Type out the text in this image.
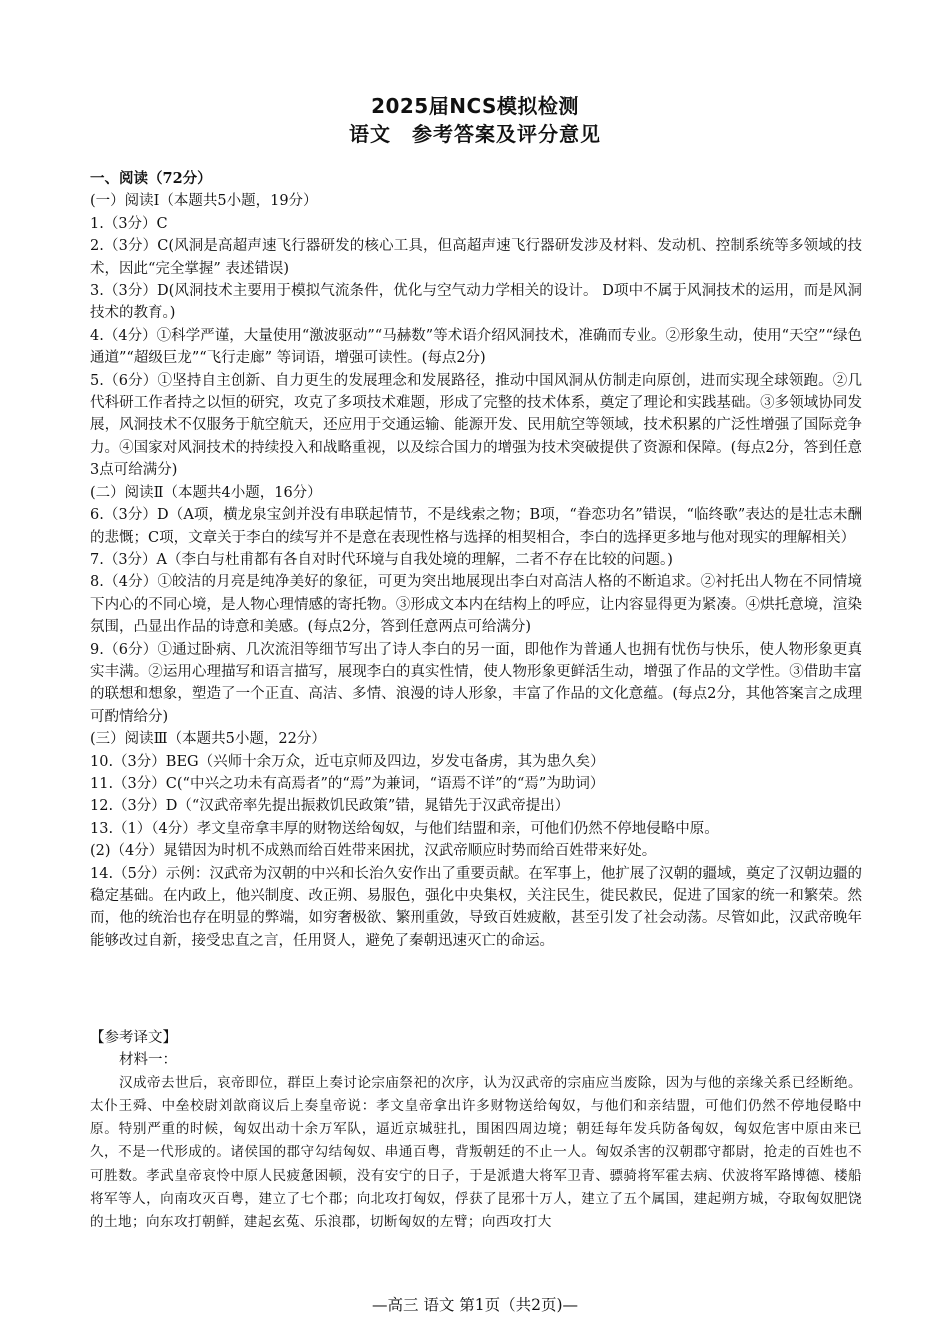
2025届NCS模拟检测
语文　参考答案及评分意见

一、阅读（72分）

(一）阅读Ⅰ（本题共5小题，19分）

1.（3分）C

2.（3分）C(风洞是高超声速飞行器研发的核心工具，但高超声速飞行器研发涉及材料、发动机、控制系统等多领域的技术，因此“完全掌握” 表述错误)

3.（3分）D(风洞技术主要用于模拟气流条件，优化与空气动力学相关的设计。 D项中不属于风洞技术的运用，而是风洞技术的教育。)

4.（4分）①科学严谨，大量使用“激波驱动”“马赫数”等术语介绍风洞技术，准确而专业。②形象生动，使用“天空”“绿色通道”“超级巨龙”“飞行走廊” 等词语，增强可读性。(每点2分)

5.（6分）①坚持自主创新、自力更生的发展理念和发展路径，推动中国风洞从仿制走向原创，进而实现全球领跑。②几代科研工作者持之以恒的研究，攻克了多项技术难题，形成了完整的技术体系，奠定了理论和实践基础。③多领域协同发展，风洞技术不仅服务于航空航天，还应用于交通运输、能源开发、民用航空等领域，技术积累的广泛性增强了国际竞争力。④国家对风洞技术的持续投入和战略重视，以及综合国力的增强为技术突破提供了资源和保障。(每点2分，答到任意3点可给满分)

(二）阅读Ⅱ（本题共4小题，16分）

6.（3分）D（A项，横龙泉宝剑并没有串联起情节，不是线索之物；B项，“眷恋功名”错误，“临终歌”表达的是壮志未酬的悲慨；C项，文章关于李白的续写并不是意在表现性格与选择的相契相合，李白的选择更多地与他对现实的理解相关）

7.（3分）A（李白与杜甫都有各自对时代环境与自我处境的理解，二者不存在比较的问题。)

8.（4分）①皎洁的月亮是纯净美好的象征，可更为突出地展现出李白对高洁人格的不断追求。②衬托出人物在不同情境下内心的不同心境，是人物心理情感的寄托物。③形成文本内在结构上的呼应，让内容显得更为紧凑。④烘托意境，渲染氛围，凸显出作品的诗意和美感。(每点2分，答到任意两点可给满分)

9.（6分）①通过卧病、几次流泪等细节写出了诗人李白的另一面，即他作为普通人也拥有忧伤与快乐，使人物形象更真实丰满。②运用心理描写和语言描写，展现李白的真实性情，使人物形象更鲜活生动，增强了作品的文学性。③借助丰富的联想和想象，塑造了一个正直、高洁、多情、浪漫的诗人形象，丰富了作品的文化意蕴。(每点2分，其他答案言之成理可酌情给分)

(三）阅读Ⅲ（本题共5小题，22分）

10.（3分）BEG（兴师十余万众，近屯京师及四边，岁发屯备虏，其为患久矣）

11.（3分）C(“中兴之功未有高焉者”的“焉”为兼词，“语焉不详”的“焉”为助词）

12.（3分）D（“汉武帝率先提出振救饥民政策”错，晁错先于汉武帝提出）

13.（1）（4分）孝文皇帝拿丰厚的财物送给匈奴，与他们结盟和亲，可他们仍然不停地侵略中原。

(2)（4分）晁错因为时机不成熟而给百姓带来困扰，汉武帝顺应时势而给百姓带来好处。

14.（5分）示例：汉武帝为汉朝的中兴和长治久安作出了重要贡献。在军事上，他扩展了汉朝的疆域，奠定了汉朝边疆的稳定基础。在内政上，他兴制度、改正朔、易服色，强化中央集权，关注民生，徙民救民，促进了国家的统一和繁荣。然而，他的统治也存在明显的弊端，如穷奢极欲、繁刑重敛，导致百姓疲敝，甚至引发了社会动荡。尽管如此，汉武帝晚年能够改过自新，接受忠直之言，任用贤人，避免了秦朝迅速灭亡的命运。

【参考译文】

材料一：

汉成帝去世后，哀帝即位，群臣上奏讨论宗庙祭祀的次序，认为汉武帝的宗庙应当废除，因为与他的亲缘关系已经断绝。太仆王舜、中垒校尉刘歆商议后上奏皇帝说：孝文皇帝拿出许多财物送给匈奴，与他们和亲结盟，可他们仍然不停地侵略中原。特别严重的时候，匈奴出动十余万军队，逼近京城驻扎，围困四周边境；朝廷每年发兵防备匈奴，匈奴危害中原由来已久，不是一代形成的。诸侯国的郡守勾结匈奴、串通百粤，背叛朝廷的不止一人。匈奴杀害的汉朝郡守都尉，抢走的百姓也不可胜数。孝武皇帝哀怜中原人民疲惫困顿，没有安宁的日子，于是派遣大将军卫青、骠骑将军霍去病、伏波将军路博德、楼船将军等人，向南攻灭百粤，建立了七个郡；向北攻打匈奴，俘获了昆邪十万人，建立了五个属国，建起朔方城，夺取匈奴肥饶的土地；向东攻打朝鲜，建起玄菟、乐浪郡，切断匈奴的左臂；向西攻打大

—高三 语文 第1页（共2页)—
